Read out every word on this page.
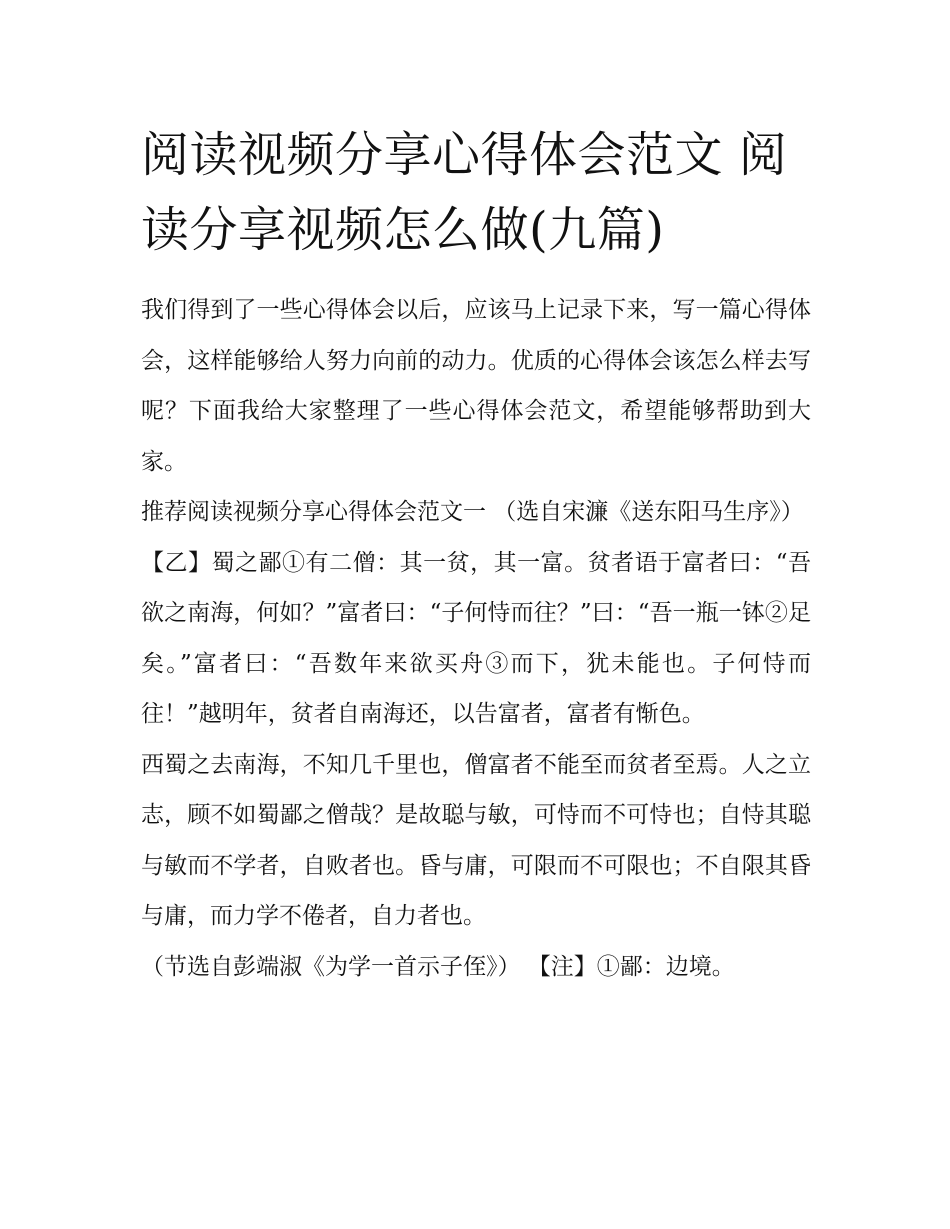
阅读视频分享心得体会范文 阅读分享视频怎么做(九篇)

我们得到了一些心得体会以后，应该马上记录下来，写一篇心得体会，这样能够给人努力向前的动力。优质的心得体会该怎么样去写呢？下面我给大家整理了一些心得体会范文，希望能够帮助到大家。

推荐阅读视频分享心得体会范文一 （选自宋濂《送东阳马生序》）

【乙】蜀之鄙①有二僧：其一贫，其一富。贫者语于富者曰：“吾欲之南海，何如？”富者曰：“子何恃而往？”曰：“吾一瓶一钵②足矣。”富者曰：“吾数年来欲买舟③而下，犹未能也。子何恃而往！”越明年，贫者自南海还，以告富者，富者有惭色。

西蜀之去南海，不知几千里也，僧富者不能至而贫者至焉。人之立志，顾不如蜀鄙之僧哉？是故聪与敏，可恃而不可恃也；自恃其聪与敏而不学者，自败者也。昏与庸，可限而不可限也；不自限其昏与庸，而力学不倦者，自力者也。

（节选自彭端淑《为学一首示子侄》） 【注】①鄙：边境。
